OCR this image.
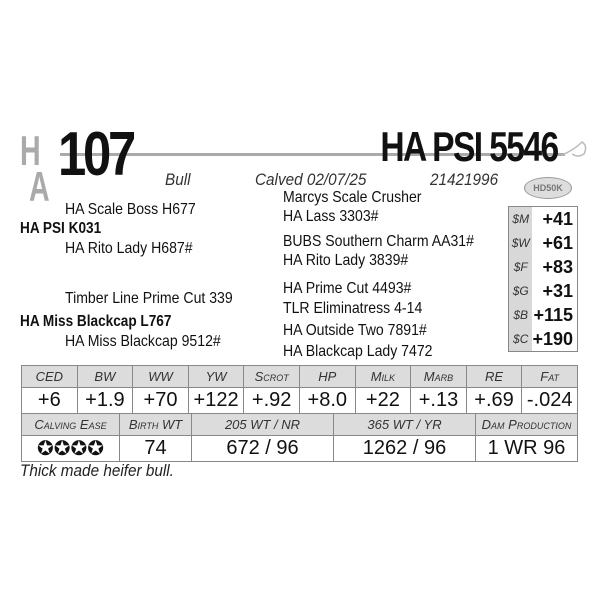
H
A 107	HA PSI 5546
Bull	Calved 02/07/25	21421996	HD50K
HA Scale Boss H677
HA PSI K031
HA Rito Lady H687#
Timber Line Prime Cut 339
HA Miss Blackcap L767
HA Miss Blackcap 9512#
Marcys Scale Crusher
HA Lass 3303#
BUBS Southern Charm AA31#
HA Rito Lady 3839#
HA Prime Cut 4493#
TLR Eliminatress 4-14
HA Outside Two 7891#
HA Blackcap Lady 7472
$M	+41
$W	+61
$F	+83
$G	+31
$B	+115
$C	+190
CED	BW	WW	YW	Scrot	HP	Milk	Marb	RE	Fat
+6	+1.9	+70	+122	+.92	+8.0	+22	+.13	+.69	-.024
Calving Ease	Birth WT	205 WT / NR	365 WT / YR	Dam Production
✪✪✪✪	74	672 / 96	1262 / 96	1 WR 96
Thick made heifer bull.
